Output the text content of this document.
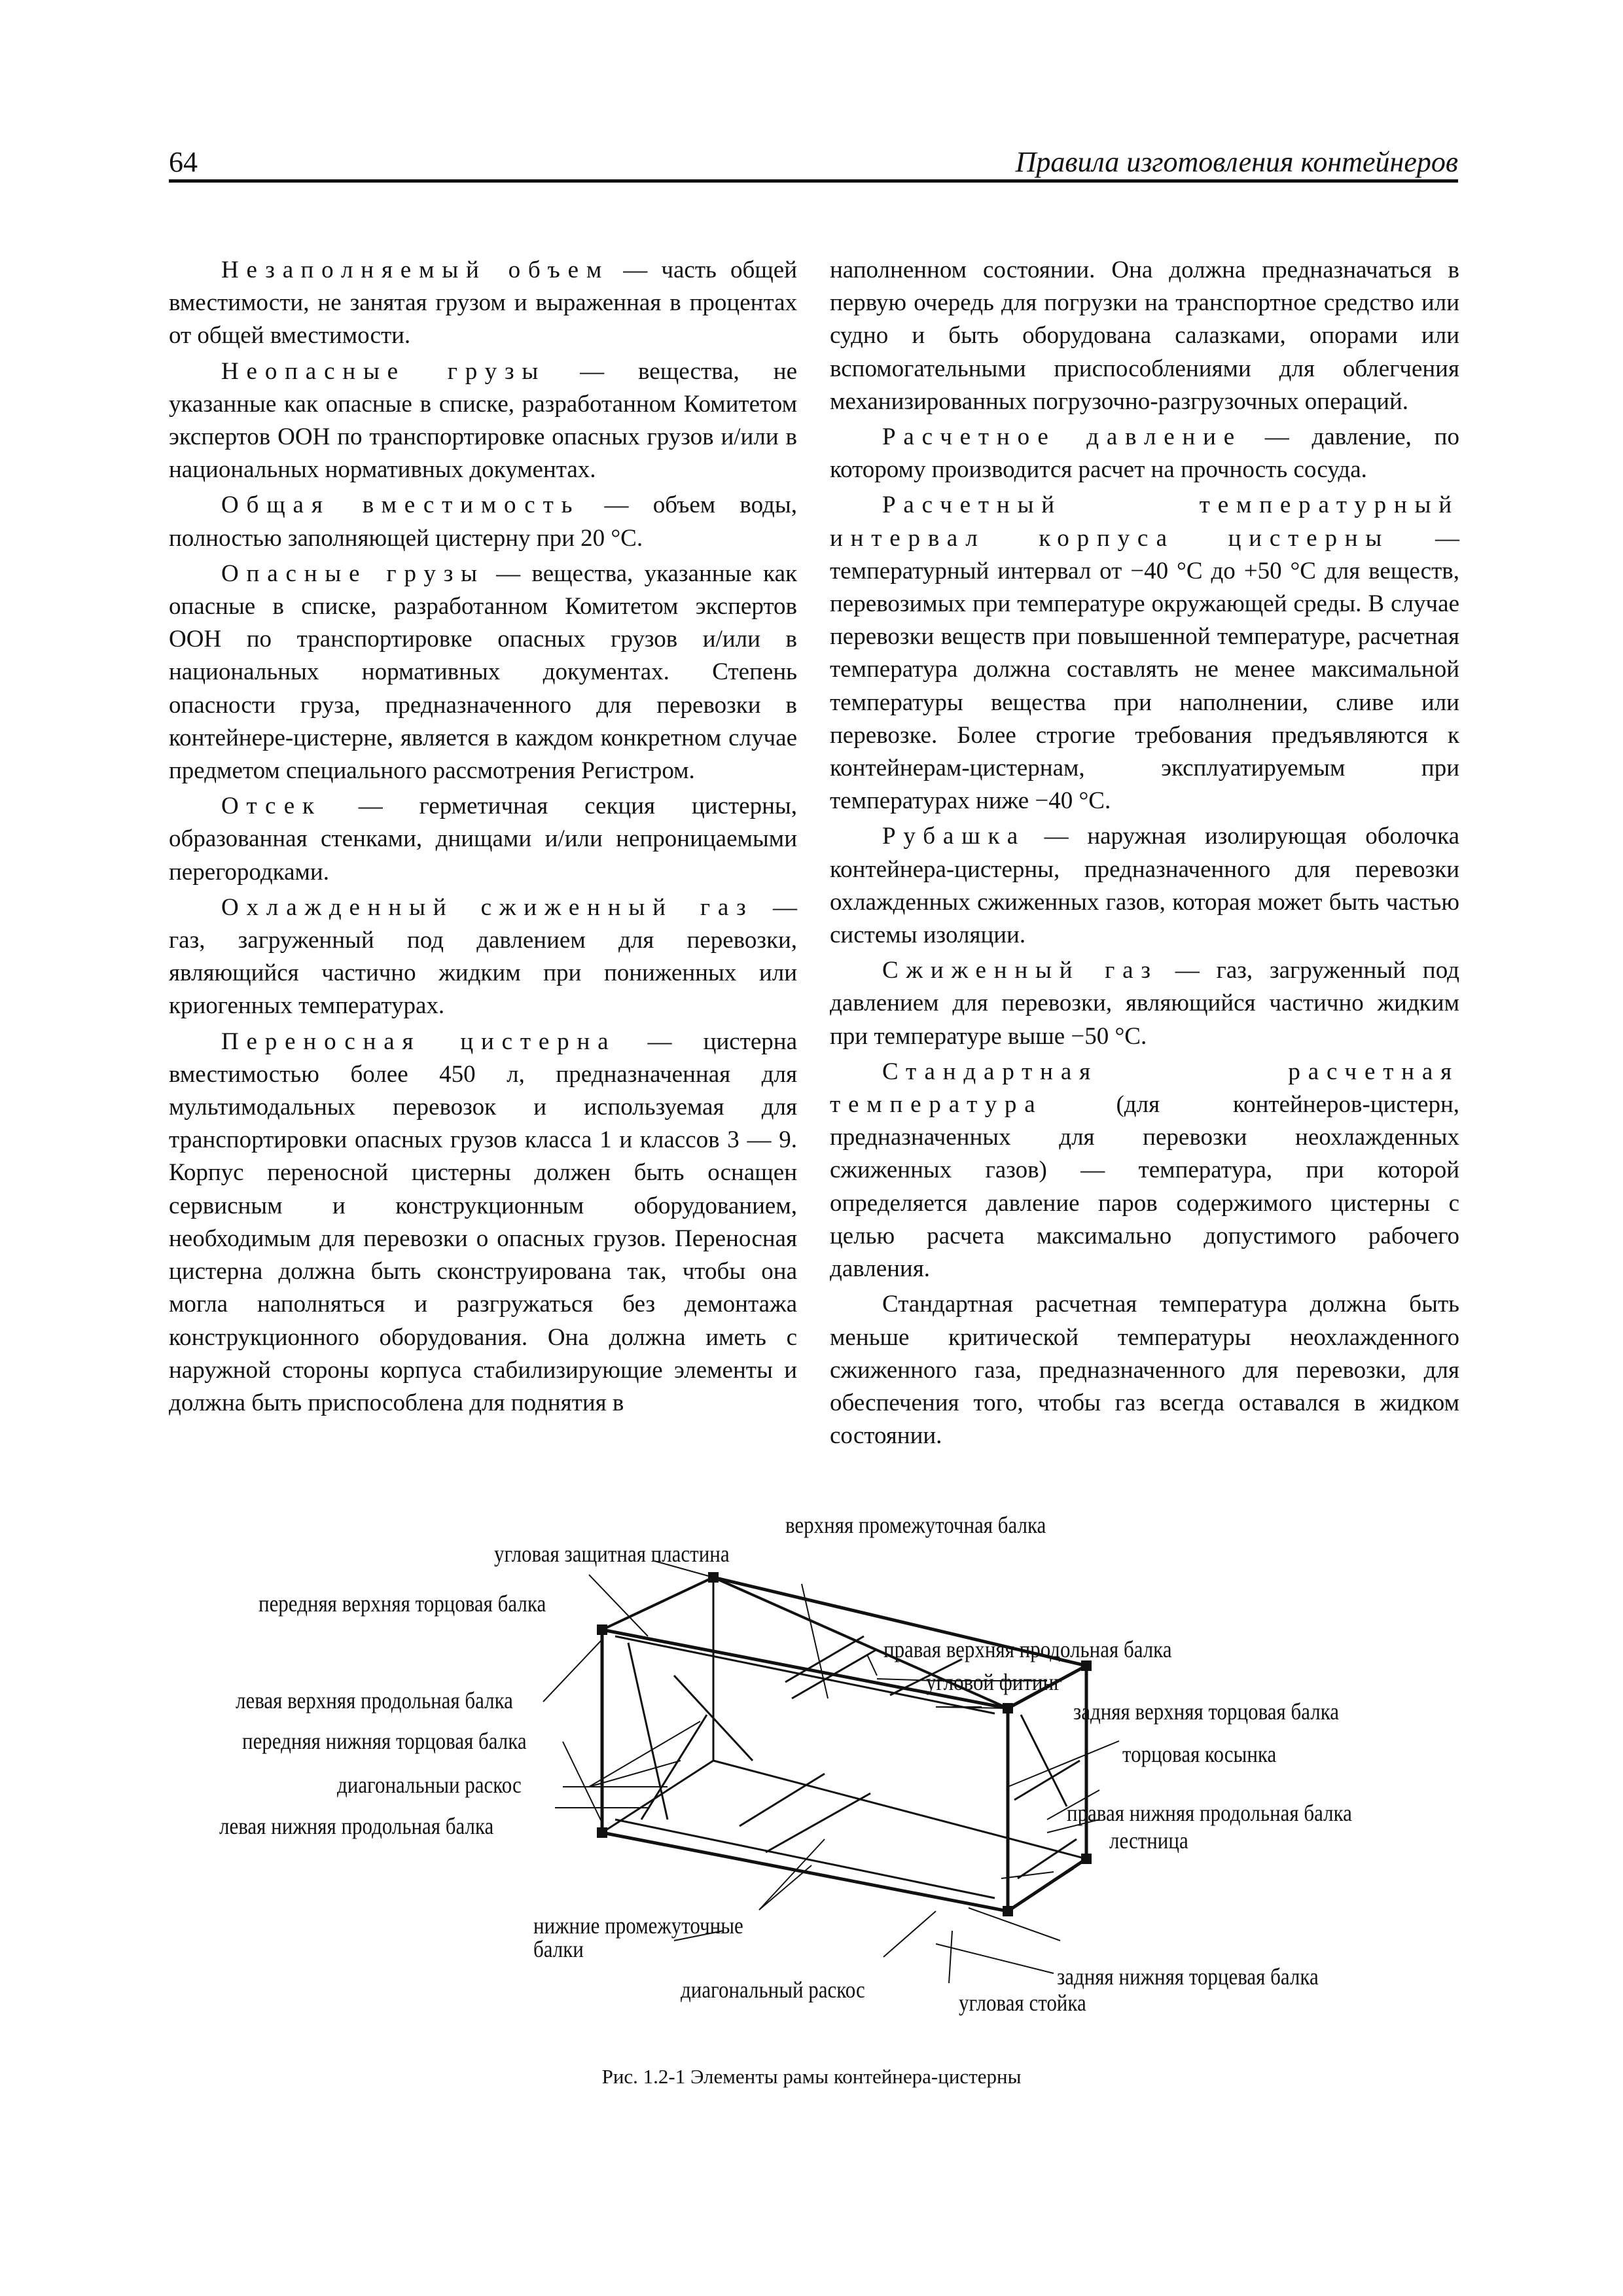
64	Правила изготовления контейнеров

Незаполняемый объем — часть общей вместимости, не занятая грузом и выраженная в процентах от общей вместимости.

Неопасные грузы — вещества, не указанные как опасные в списке, разработанном Комитетом экспертов ООН по транспортировке опасных грузов и/или в национальных нормативных документах.

Общая вместимость — объем воды, полностью заполняющей цистерну при 20 °С.

Опасные грузы — вещества, указанные как опасные в списке, разработанном Комитетом экспертов ООН по транспортировке опасных грузов и/или в национальных нормативных документах. Степень опасности груза, предназначенного для перевозки в контейнере-цистерне, является в каждом конкретном случае предметом специального рассмотрения Регистром.

Отсек — герметичная секция цистерны, образованная стенками, днищами и/или непроницаемыми перегородками.

Охлажденный сжиженный газ — газ, загруженный под давлением для перевозки, являющийся частично жидким при пониженных или криогенных температурах.

Переносная цистерна — цистерна вместимостью более 450 л, предназначенная для мультимодальных перевозок и используемая для транспортировки опасных грузов класса 1 и классов 3 — 9. Корпус переносной цистерны должен быть оснащен сервисным и конструкционным оборудованием, необходимым для перевозки о опасных грузов. Переносная цистерна должна быть сконструирована так, чтобы она могла наполняться и разгружаться без демонтажа конструкционного оборудования. Она должна иметь с наружной стороны корпуса стабилизирующие элементы и должна быть приспособлена для поднятия в

наполненном состоянии. Она должна предназначаться в первую очередь для погрузки на транспортное средство или судно и быть оборудована салазками, опорами или вспомогательными приспособлениями для облегчения механизированных погрузочно-разгрузочных операций.

Расчетное давление — давление, по которому производится расчет на прочность сосуда.

Расчетный температурный интервал корпуса цистерны — температурный интервал от −40 °С до +50 °С для веществ, перевозимых при температуре окружающей среды. В случае перевозки веществ при повышенной температуре, расчетная температура должна составлять не менее максимальной температуры вещества при наполнении, сливе или перевозке. Более строгие требования предъявляются к контейнерам-цистернам, эксплуатируемым при температурах ниже −40 °С.

Рубашка — наружная изолирующая оболочка контейнера-цистерны, предназначенного для перевозки охлажденных сжиженных газов, которая может быть частью системы изоляции.

Сжиженный газ — газ, загруженный под давлением для перевозки, являющийся частично жидким при температуре выше −50 °С.

Стандартная расчетная температура (для контейнеров-цистерн, предназначенных для перевозки неохлажденных сжиженных газов) — температура, при которой определяется давление паров содержимого цистерны с целью расчета максимально допустимого рабочего давления.

Стандартная расчетная температура должна быть меньше критической температуры неохлажденного сжиженного газа, предназначенного для перевозки, для обеспечения того, чтобы газ всегда оставался в жидком состоянии.

верхняя промежуточная балка
угловая защитная пластина
передняя верхняя торцовая балка
правая верхняя продольная балка
угловой фитинг
левая верхняя продольная балка	задняя верхняя торцовая балка
передняя нижняя торцовая балка	торцовая косынка
диагональныи раскос
правая нижняя продольная балка
левая нижняя продольная балка
лестница
нижние промежуточные
балки
задняя нижняя торцевая балка
диагональный раскос	угловая стойка
Рис. 1.2-1 Элементы рамы контейнера-цистерны
